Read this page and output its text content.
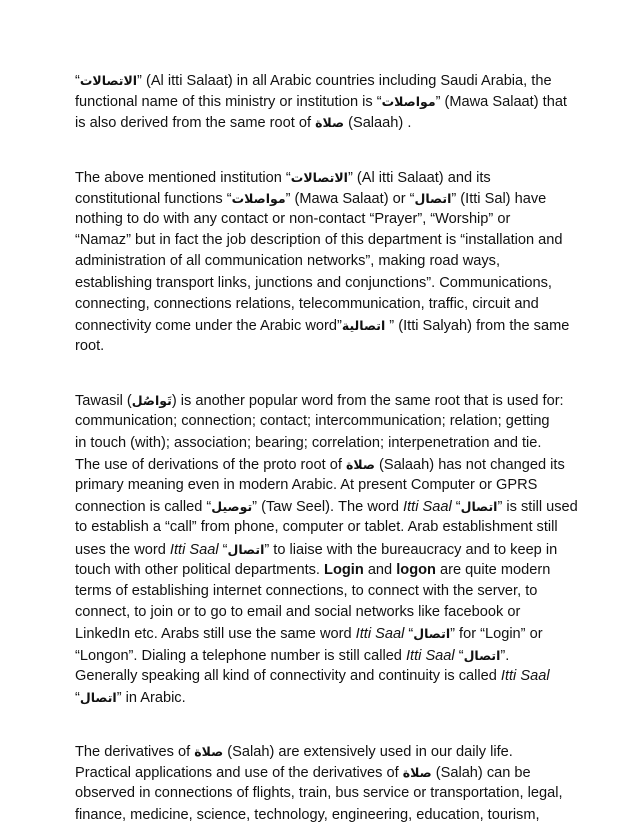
“الاتصالات” (Al itti Salaat) in all Arabic countries including Saudi Arabia, the
functional name of this ministry or institution is “مواصلات” (Mawa Salaat) that
is also derived from the same root of صلاة (Salaah) .
The above mentioned institution “الاتصالات” (Al itti Salaat) and its
constitutional functions “مواصلات” (Mawa Salaat) or “اتصال” (Itti Sal) have
nothing to do with any contact or non-contact “Prayer”, “Worship” or
“Namaz” but in fact the job description of this department is “installation and
administration of all communication networks”, making road ways,
establishing transport links, junctions and conjunctions”. Communications,
connecting, connections relations, telecommunication, traffic, circuit and
connectivity come under the Arabic word”اتصالية ” (Itti Salyah) from the same
root.
Tawasil (تَواصُل) is another popular word from the same root that is used for:
communication; connection; contact; intercommunication; relation; getting
in touch (with); association; bearing; correlation; interpenetration and tie.
The use of derivations of the proto root of صلاة (Salaah) has not changed its
primary meaning even in modern Arabic. At present Computer or GPRS
connection is called “توصيل” (Taw Seel). The word Itti Saal “اتصال” is still used
to establish a “call” from phone, computer or tablet. Arab establishment still
uses the word Itti Saal “اتصال” to liaise with the bureaucracy and to keep in
touch with other political departments. Login and logon are quite modern
terms of establishing internet connections, to connect with the server, to
connect, to join or to go to email and social networks like facebook or
LinkedIn etc. Arabs still use the same word Itti Saal “اتصال” for “Login” or
“Longon”. Dialing a telephone number is still called Itti Saal “اتصال”.
Generally speaking all kind of connectivity and continuity is called Itti Saal
“اتصال” in Arabic.
The derivatives of صلاة (Salah) are extensively used in our daily life.
Practical applications and use of the derivatives of صلاة (Salah) can be
observed in connections of flights, train, bus service or transportation, legal,
finance, medicine, science, technology, engineering, education, tourism,
